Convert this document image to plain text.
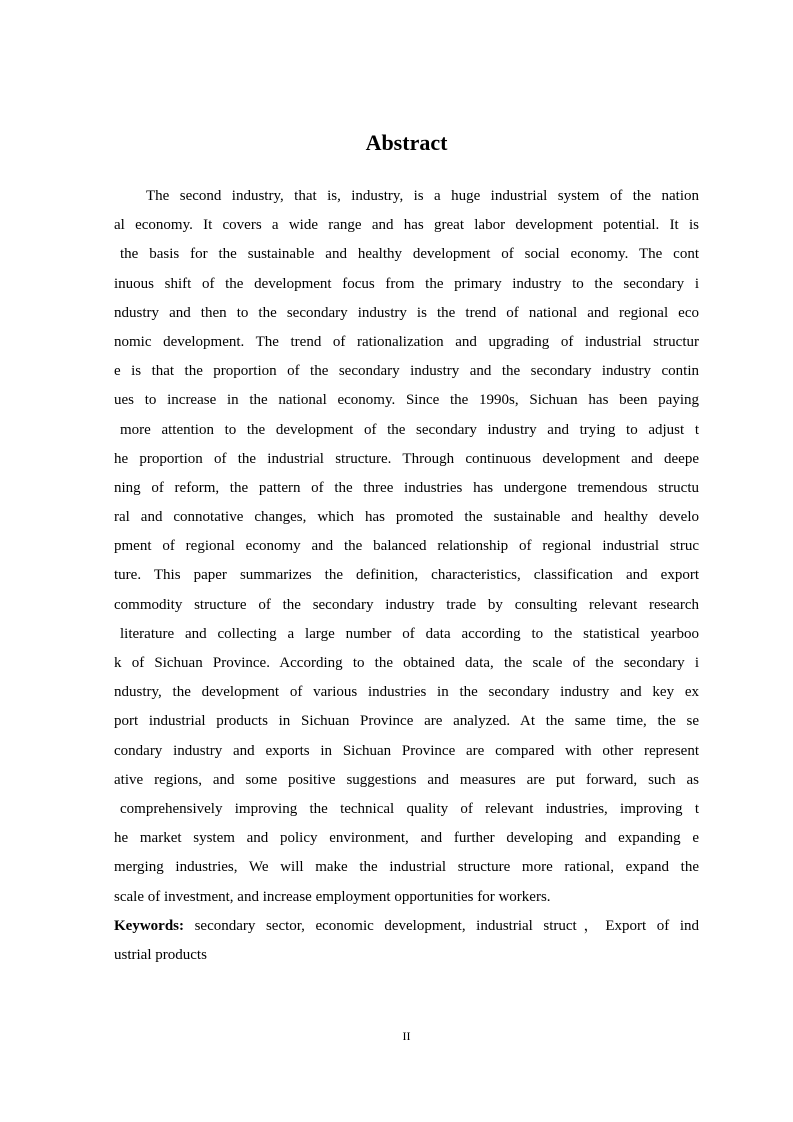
Abstract
The second industry, that is, industry, is a huge industrial system of the nation
al economy. It covers a wide range and has great labor development potential. It is
the basis for the sustainable and healthy development of social economy. The cont
inuous shift of the development focus from the primary industry to the secondary i
ndustry and then to the secondary industry is the trend of national and regional eco
nomic development. The trend of rationalization and upgrading of industrial structur
e is that the proportion of the secondary industry and the secondary industry contin
ues to increase in the national economy. Since the 1990s, Sichuan has been paying
more attention to the development of the secondary industry and trying to adjust t
he proportion of the industrial structure. Through continuous development and deepe
ning of reform, the pattern of the three industries has undergone tremendous structu
ral and connotative changes, which has promoted the sustainable and healthy develo
pment of regional economy and the balanced relationship of regional industrial struc
ture. This paper summarizes the definition, characteristics, classification and export
commodity structure of the secondary industry trade by consulting relevant research
literature and collecting a large number of data according to the statistical yearboo
k of Sichuan Province. According to the obtained data, the scale of the secondary i
ndustry, the development of various industries in the secondary industry and key ex
port industrial products in Sichuan Province are analyzed. At the same time, the se
condary industry and exports in Sichuan Province are compared with other represent
ative regions, and some positive suggestions and measures are put forward, such as
comprehensively improving the technical quality of relevant industries, improving t
he market system and policy environment, and further developing and expanding e
merging industries, We will make the industrial structure more rational, expand the
scale of investment, and increase employment opportunities for workers.
Keywords: secondary sector, economic development, industrial struct，Export of ind
ustrial products
II
